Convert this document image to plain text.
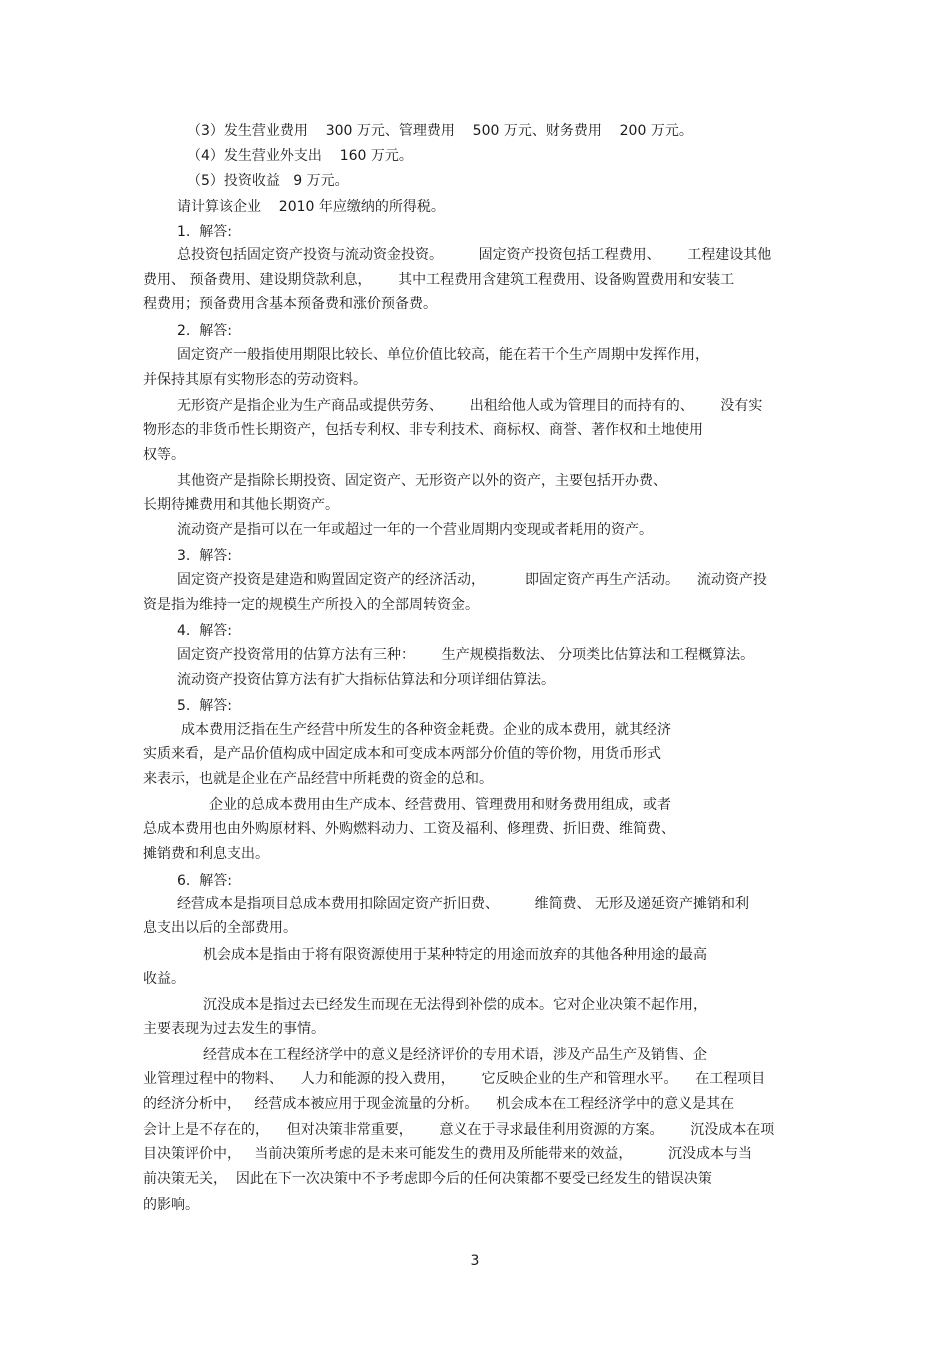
（3）发生营业费用    300 万元、管理费用    500 万元、财务费用    200 万元。
（4）发生营业外支出    160 万元。
（5）投资收益   9 万元。
请计算该企业    2010 年应缴纳的所得税。
1.  解答:
总投资包括固定资产投资与流动资金投资。        固定资产投资包括工程费用、      工程建设其他
费用、 预备费用、建设期贷款利息，      其中工程费用含建筑工程费用、设备购置费用和安装工
程费用；预备费用含基本预备费和涨价预备费。
2.  解答:
固定资产一般指使用期限比较长、单位价值比较高，能在若干个生产周期中发挥作用，
并保持其原有实物形态的劳动资料。
无形资产是指企业为生产商品或提供劳务、      出租给他人或为管理目的而持有的、      没有实
物形态的非货币性长期资产，包括专利权、非专利技术、商标权、商誉、著作权和土地使用
权等。
其他资产是指除长期投资、固定资产、无形资产以外的资产，主要包括开办费、
长期待摊费用和其他长期资产。
流动资产是指可以在一年或超过一年的一个营业周期内变现或者耗用的资产。
3.  解答:
固定资产投资是建造和购置固定资产的经济活动，         即固定资产再生产活动。    流动资产投
资是指为维持一定的规模生产所投入的全部周转资金。
4.  解答:
固定资产投资常用的估算方法有三种：      生产规模指数法、 分项类比估算法和工程概算法。
流动资产投资估算方法有扩大指标估算法和分项详细估算法。
5.  解答:
成本费用泛指在生产经营中所发生的各种资金耗费。企业的成本费用，就其经济
实质来看，是产品价值构成中固定成本和可变成本两部分价值的等价物，用货币形式
来表示，也就是企业在产品经营中所耗费的资金的总和。
企业的总成本费用由生产成本、经营费用、管理费用和财务费用组成，或者
总成本费用也由外购原材料、外购燃料动力、工资及福利、修理费、折旧费、维简费、
摊销费和利息支出。
6.  解答:
经营成本是指项目总成本费用扣除固定资产折旧费、        维简费、 无形及递延资产摊销和利
息支出以后的全部费用。
机会成本是指由于将有限资源使用于某种特定的用途而放弃的其他各种用途的最高
收益。
沉没成本是指过去已经发生而现在无法得到补偿的成本。它对企业决策不起作用，
主要表现为过去发生的事情。
经营成本在工程经济学中的意义是经济评价的专用术语，涉及产品生产及销售、企
业管理过程中的物料、    人力和能源的投入费用，      它反映企业的生产和管理水平。    在工程项目
的经济分析中，   经营成本被应用于现金流量的分析。    机会成本在工程经济学中的意义是其在
会计上是不存在的，    但对决策非常重要，      意义在于寻求最佳利用资源的方案。      沉没成本在项
目决策评价中，   当前决策所考虑的是未来可能发生的费用及所能带来的效益，        沉没成本与当
前决策无关，  因此在下一次决策中不予考虑即今后的任何决策都不要受已经发生的错误决策
的影响。
3
